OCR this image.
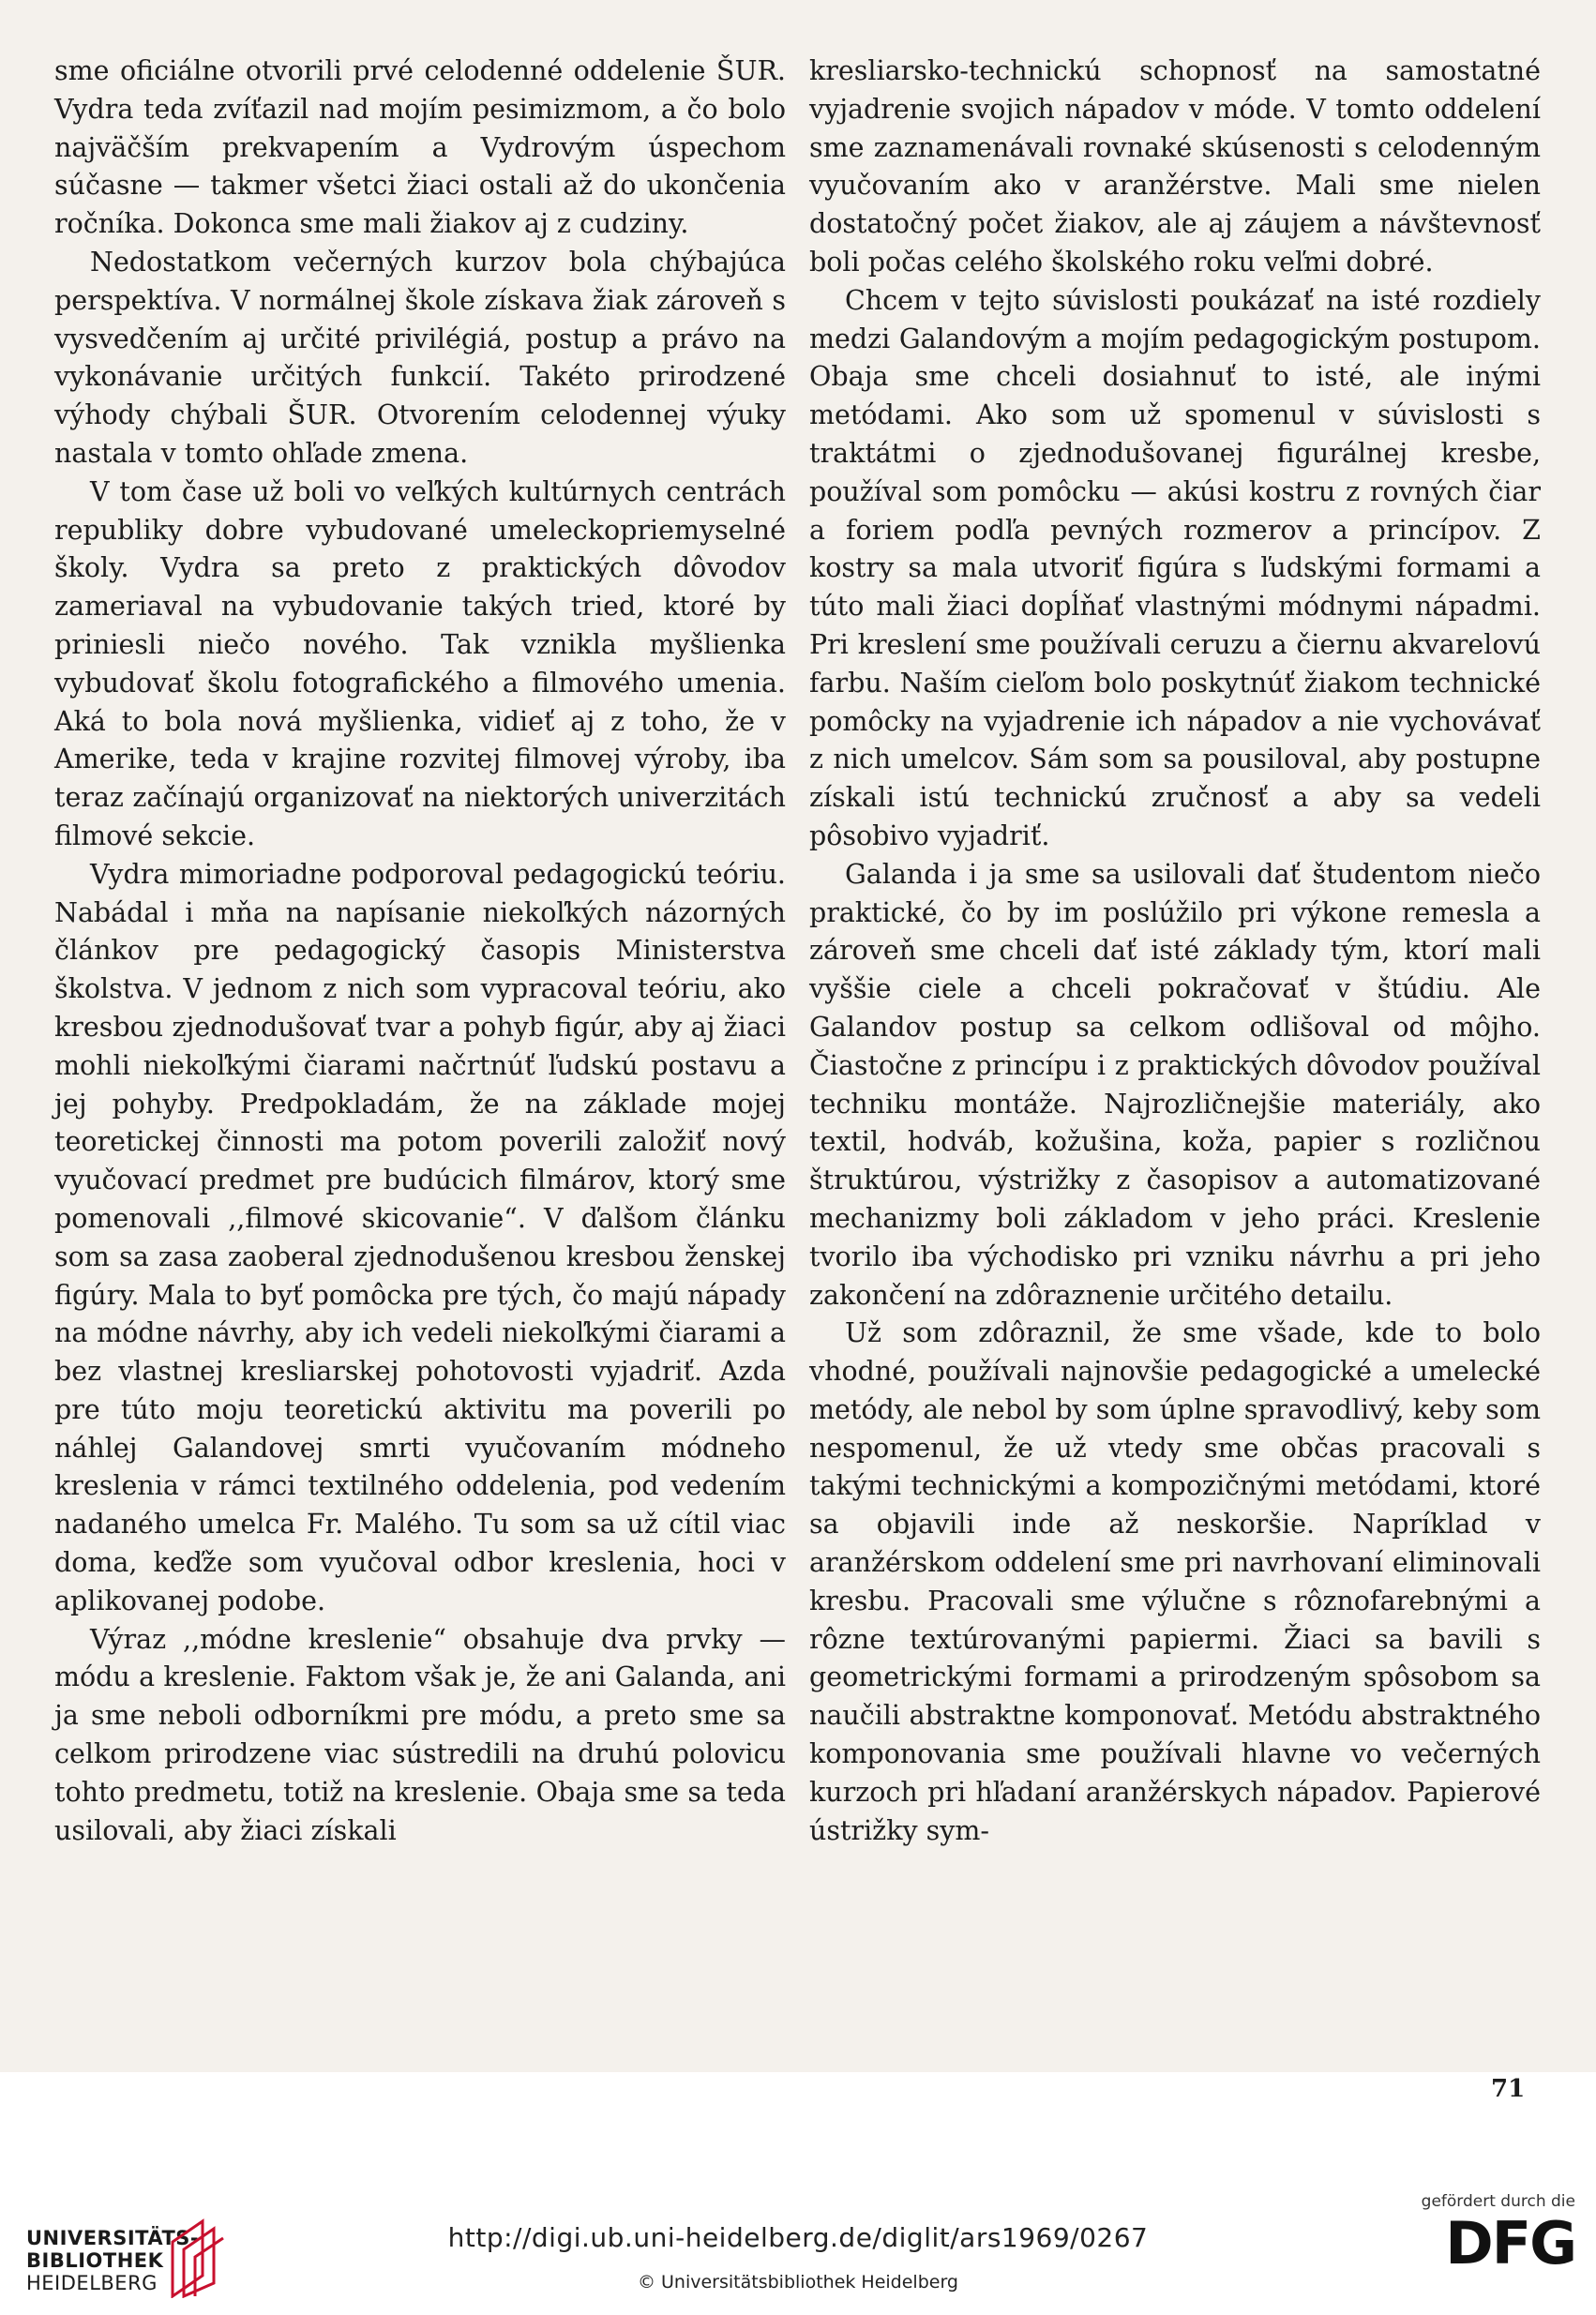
sme oficiálne otvorili prvé celodenné oddelenie ŠUR. Vydra teda zvíťazil nad mojím pesimizmom, a čo bolo najväčším prekvapením a Vydrovým úspechom súčasne — takmer všetci žiaci ostali až do ukončenia ročníka. Dokonca sme mali žiakov aj z cudziny.

Nedostatkom večerných kurzov bola chýbajúca perspektíva. V normálnej škole získava žiak zároveň s vysvedčením aj určité privilégiá, postup a právo na vykonávanie určitých funkcií. Takéto prirodzené výhody chýbali ŠUR. Otvorením celodennej výuky nastala v tomto ohľade zmena.

V tom čase už boli vo veľkých kultúrnych centrách republiky dobre vybudované umeleckopriemyselné školy. Vydra sa preto z praktických dôvodov zameriaval na vybudovanie takých tried, ktoré by priniesli niečo nového. Tak vznikla myšlienka vybudovať školu fotografického a filmového umenia. Aká to bola nová myšlienka, vidieť aj z toho, že v Amerike, teda v krajine rozvitej filmovej výroby, iba teraz začínajú organizovať na niektorých univerzitách filmové sekcie.

Vydra mimoriadne podporoval pedagogickú teóriu. Nabádal i mňa na napísanie niekoľkých názorných článkov pre pedagogický časopis Ministerstva školstva. V jednom z nich som vypracoval teóriu, ako kresbou zjednodušovať tvar a pohyb figúr, aby aj žiaci mohli niekoľkými čiarami načrtnúť ľudskú postavu a jej pohyby. Predpokladám, že na základe mojej teoretickej činnosti ma potom poverili založiť nový vyučovací predmet pre budúcich filmárov, ktorý sme pomenovali ,,filmové skicovanie“. V ďalšom článku som sa zasa zaoberal zjednodušenou kresbou ženskej figúry. Mala to byť pomôcka pre tých, čo majú nápady na módne návrhy, aby ich vedeli niekoľkými čiarami a bez vlastnej kresliarskej pohotovosti vyjadriť. Azda pre túto moju teoretickú aktivitu ma poverili po náhlej Galandovej smrti vyučovaním módneho kreslenia v rámci textilného oddelenia, pod vedením nadaného umelca Fr. Malého. Tu som sa už cítil viac doma, keďže som vyučoval odbor kreslenia, hoci v aplikovanej podobe.

Výraz ,,módne kreslenie“ obsahuje dva prvky — módu a kreslenie. Faktom však je, že ani Galanda, ani ja sme neboli odborníkmi pre módu, a preto sme sa celkom prirodzene viac sústredili na druhú polovicu tohto predmetu, totiž na kreslenie. Obaja sme sa teda usilovali, aby žiaci získali

kresliarsko-technickú schopnosť na samostatné vyjadrenie svojich nápadov v móde. V tomto oddelení sme zaznamenávali rovnaké skúsenosti s celodenným vyučovaním ako v aranžérstve. Mali sme nielen dostatočný počet žiakov, ale aj záujem a návštevnosť boli počas celého školského roku veľmi dobré.

Chcem v tejto súvislosti poukázať na isté rozdiely medzi Galandovým a mojím pedagogickým postupom. Obaja sme chceli dosiahnuť to isté, ale inými metódami. Ako som už spomenul v súvislosti s traktátmi o zjednodušovanej figurálnej kresbe, používal som pomôcku — akúsi kostru z rovných čiar a foriem podľa pevných rozmerov a princípov. Z kostry sa mala utvoriť figúra s ľudskými formami a túto mali žiaci dopĺňať vlastnými módnymi nápadmi. Pri kreslení sme používali ceruzu a čiernu akvarelovú farbu. Naším cieľom bolo poskytnúť žiakom technické pomôcky na vyjadrenie ich nápadov a nie vychovávať z nich umelcov. Sám som sa pousiloval, aby postupne získali istú technickú zručnosť a aby sa vedeli pôsobivo vyjadriť.

Galanda i ja sme sa usilovali dať študentom niečo praktické, čo by im poslúžilo pri výkone remesla a zároveň sme chceli dať isté základy tým, ktorí mali vyššie ciele a chceli pokračovať v štúdiu. Ale Galandov postup sa celkom odlišoval od môjho. Čiastočne z princípu i z praktických dôvodov používal techniku montáže. Najrozličnejšie materiály, ako textil, hodváb, kožušina, koža, papier s rozličnou štruktúrou, výstrižky z časopisov a automatizované mechanizmy boli základom v jeho práci. Kreslenie tvorilo iba východisko pri vzniku návrhu a pri jeho zakončení na zdôraznenie určitého detailu.

Už som zdôraznil, že sme všade, kde to bolo vhodné, používali najnovšie pedagogické a umelecké metódy, ale nebol by som úplne spravodlivý, keby som nespomenul, že už vtedy sme občas pracovali s takými technickými a kompozičnými metódami, ktoré sa objavili inde až neskoršie. Napríklad v aranžérskom oddelení sme pri navrhovaní eliminovali kresbu. Pracovali sme výlučne s rôznofarebnými a rôzne textúrovanými papiermi. Žiaci sa bavili s geometrickými formami a prirodzeným spôsobom sa naučili abstraktne komponovať. Metódu abstraktného komponovania sme používali hlavne vo večerných kurzoch pri hľadaní aranžérskych nápadov. Papierové ústrižky sym-

71
UNIVERSITÄTS-
BIBLIOTHEK
HEIDELBERG
http://digi.ub.uni-heidelberg.de/diglit/ars1969/0267
© Universitätsbibliothek Heidelberg
gefördert durch die
DFG
